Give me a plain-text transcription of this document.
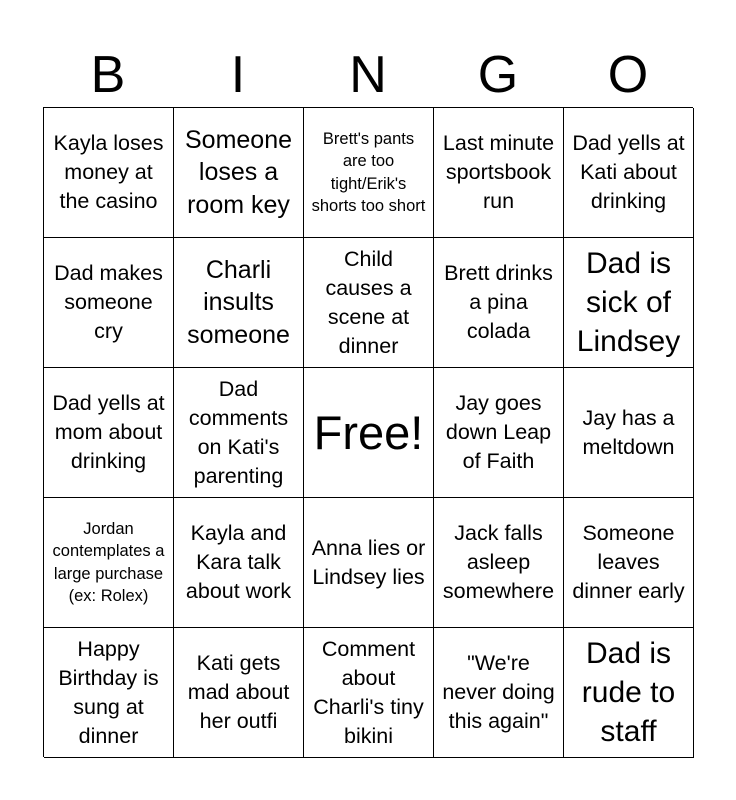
B	I	N	G	O
Kayla loses money at the casino
Someone loses a room key
Brett's pants are too tight/Erik's shorts too short
Last minute sportsbook run
Dad yells at Kati about drinking
Dad makes someone cry
Charli insults someone
Child causes a scene at dinner
Brett drinks a pina colada
Dad is sick of Lindsey
Dad yells at mom about drinking
Dad comments on Kati's parenting
Free!
Jay goes down Leap of Faith
Jay has a meltdown
Jordan contemplates a large purchase (ex: Rolex)
Kayla and Kara talk about work
Anna lies or Lindsey lies
Jack falls asleep somewhere
Someone leaves dinner early
Happy Birthday is sung at dinner
Kati gets mad about her outfi
Comment about Charli's tiny bikini
"We're never doing this again"
Dad is rude to staff
